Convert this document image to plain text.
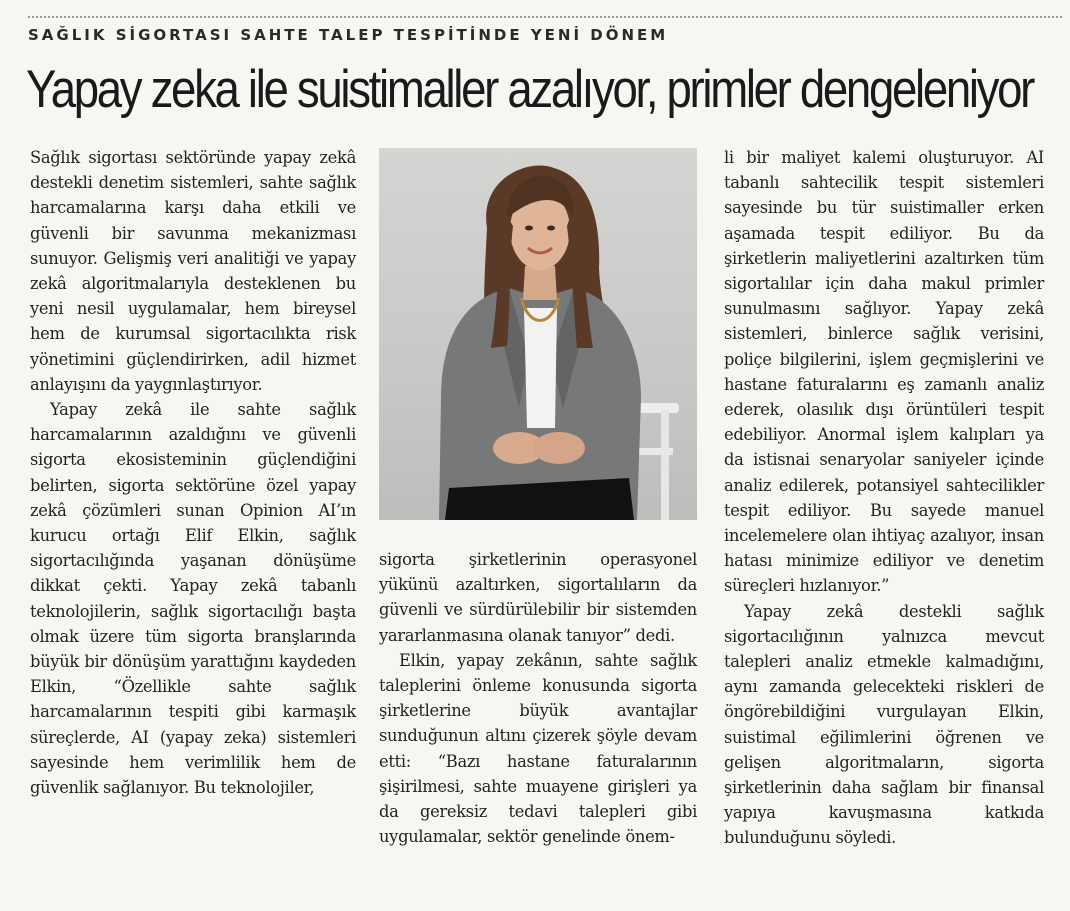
SAĞLIK SİGORTASI SAHTE TALEP TESPİTİNDE YENİ DÖNEM
Yapay zeka ile suistimaller azalıyor, primler dengeleniyor

Sağlık sigortası sektöründe yapay zekâ destekli denetim sistemleri, sahte sağlık harcamalarına karşı daha etkili ve güvenli bir savunma mekanizması sunuyor. Gelişmiş veri analitiği ve yapay zekâ algoritmalarıyla desteklenen bu yeni nesil uygulamalar, hem bireysel hem de kurumsal sigortacılıkta risk yönetimini güçlendirirken, adil hizmet anlayışını da yaygınlaştırıyor.

Yapay zekâ ile sahte sağlık harcamalarının azaldığını ve güvenli sigorta ekosisteminin güçlendiğini belirten, sigorta sektörüne özel yapay zekâ çözümleri sunan Opinion AI’ın kurucu ortağı Elif Elkin, sağlık sigortacılığında yaşanan dönüşüme dikkat çekti. Yapay zekâ tabanlı teknolojilerin, sağlık sigortacılığı başta olmak üzere tüm sigorta branşlarında büyük bir dönüşüm yarattığını kaydeden Elkin, “Özellikle sahte sağlık harcamalarının tespiti gibi karmaşık süreçlerde, AI (yapay zeka) sistemleri sayesinde hem verimlilik hem de güvenlik sağlanıyor. Bu teknolojiler,

sigorta şirketlerinin operasyonel yükünü azaltırken, sigortalıların da güvenli ve sürdürülebilir bir sistemden yararlanmasına olanak tanıyor” dedi.

Elkin, yapay zekânın, sahte sağlık taleplerini önleme konusunda sigorta şirketlerine büyük avantajlar sunduğunun altını çizerek şöyle devam etti: “Bazı hastane faturalarının şişirilmesi, sahte muayene girişleri ya da gereksiz tedavi talepleri gibi uygulamalar, sektör genelinde önem-

li bir maliyet kalemi oluşturuyor. AI tabanlı sahtecilik tespit sistemleri sayesinde bu tür suistimaller erken aşamada tespit ediliyor. Bu da şirketlerin maliyetlerini azaltırken tüm sigortalılar için daha makul primler sunulmasını sağlıyor. Yapay zekâ sistemleri, binlerce sağlık verisini, poliçe bilgilerini, işlem geçmişlerini ve hastane faturalarını eş zamanlı analiz ederek, olasılık dışı örüntüleri tespit edebiliyor. Anormal işlem kalıpları ya da istisnai senaryolar saniyeler içinde analiz edilerek, potansiyel sahtecilikler tespit ediliyor. Bu sayede manuel incelemelere olan ihtiyaç azalıyor, insan hatası minimize ediliyor ve denetim süreçleri hızlanıyor.”

Yapay zekâ destekli sağlık sigortacılığının yalnızca mevcut talepleri analiz etmekle kalmadığını, aynı zamanda gelecekteki riskleri de öngörebildiğini vurgulayan Elkin, suistimal eğilimlerini öğrenen ve gelişen algoritmaların, sigorta şirketlerinin daha sağlam bir finansal yapıya kavuşmasına katkıda bulunduğunu söyledi.
